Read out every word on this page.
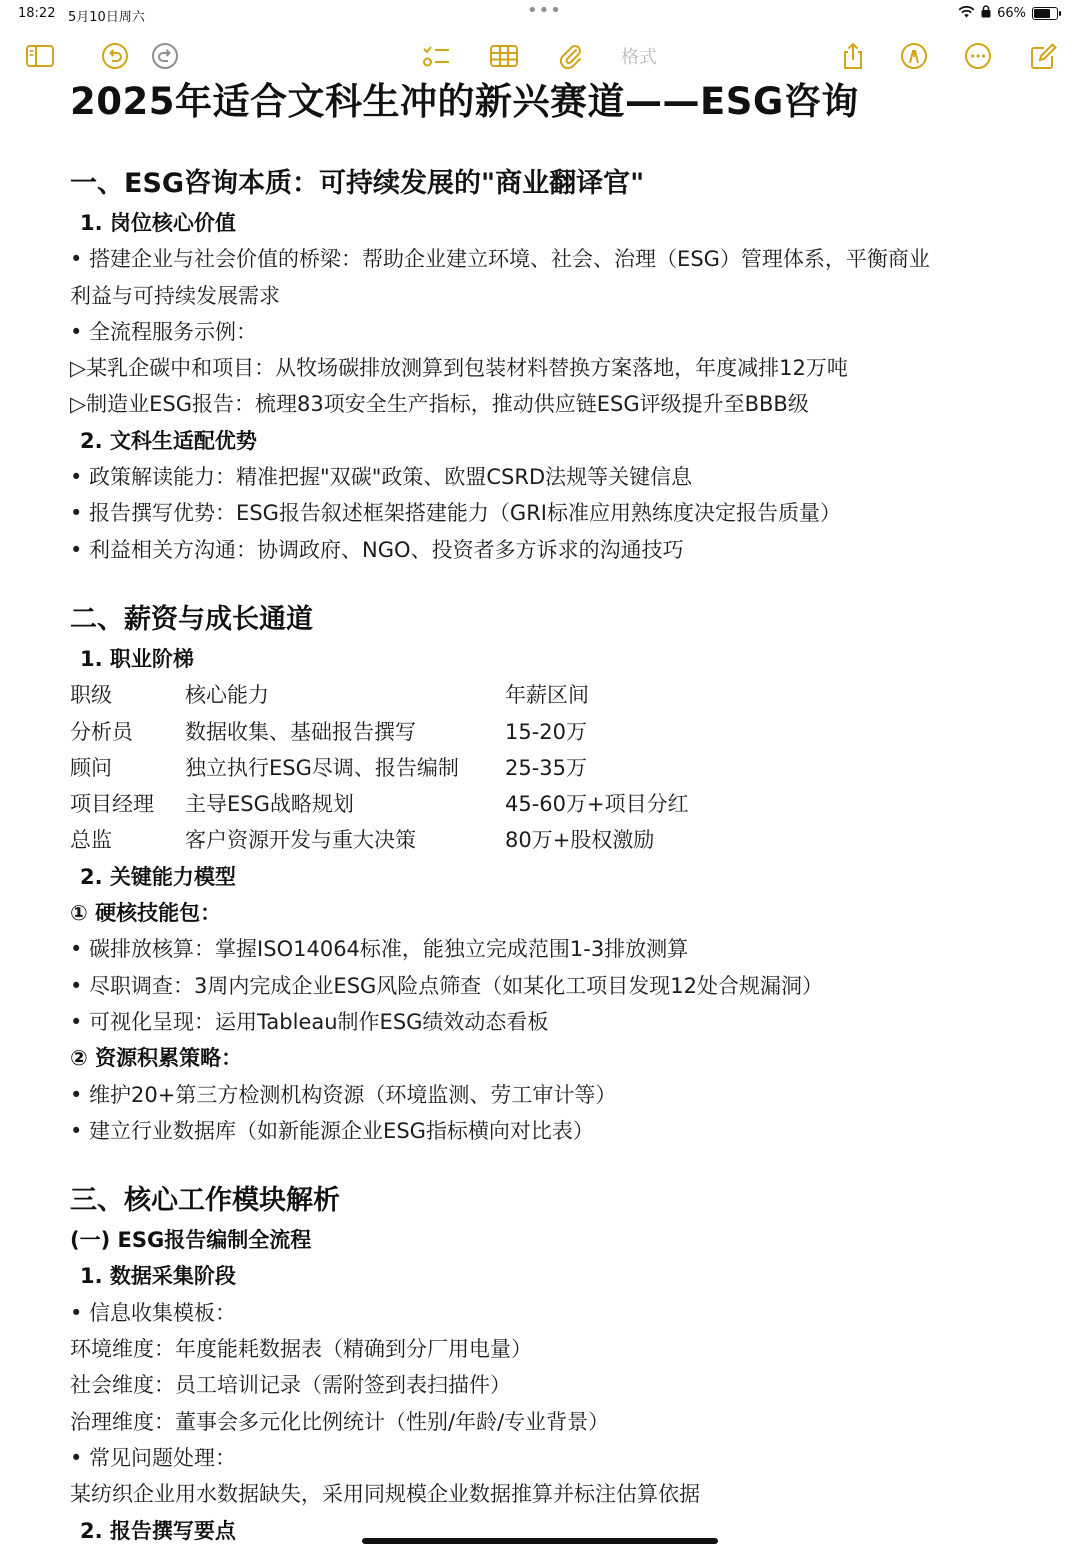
18:22 5月10日周六	•••	66%
格式
2025年适合文科生冲的新兴赛道——ESG咨询
一、ESG咨询本质：可持续发展的"商业翻译官"
1. 岗位核心价值
• 搭建企业与社会价值的桥梁：帮助企业建立环境、社会、治理（ESG）管理体系，平衡商业
利益与可持续发展需求
• 全流程服务示例：
▷某乳企碳中和项目：从牧场碳排放测算到包装材料替换方案落地，年度减排12万吨
▷制造业ESG报告：梳理83项安全生产指标，推动供应链ESG评级提升至BBB级
2. 文科生适配优势
• 政策解读能力：精准把握"双碳"政策、欧盟CSRD法规等关键信息
• 报告撰写优势：ESG报告叙述框架搭建能力（GRI标准应用熟练度决定报告质量）
• 利益相关方沟通：协调政府、NGO、投资者多方诉求的沟通技巧
二、薪资与成长通道
1. 职业阶梯
职级	核心能力	年薪区间
分析员	数据收集、基础报告撰写	15-20万
顾问	独立执行ESG尽调、报告编制	25-35万
项目经理	主导ESG战略规划	45-60万+项目分红
总监	客户资源开发与重大决策	80万+股权激励
2. 关键能力模型
① 硬核技能包：
• 碳排放核算：掌握ISO14064标准，能独立完成范围1-3排放测算
• 尽职调查：3周内完成企业ESG风险点筛查（如某化工项目发现12处合规漏洞）
• 可视化呈现：运用Tableau制作ESG绩效动态看板
② 资源积累策略：
• 维护20+第三方检测机构资源（环境监测、劳工审计等）
• 建立行业数据库（如新能源企业ESG指标横向对比表）
三、核心工作模块解析
(一) ESG报告编制全流程
1. 数据采集阶段
• 信息收集模板：
环境维度：年度能耗数据表（精确到分厂用电量）
社会维度：员工培训记录（需附签到表扫描件）
治理维度：董事会多元化比例统计（性别/年龄/专业背景）
• 常见问题处理：
某纺织企业用水数据缺失，采用同规模企业数据推算并标注估算依据
2. 报告撰写要点
